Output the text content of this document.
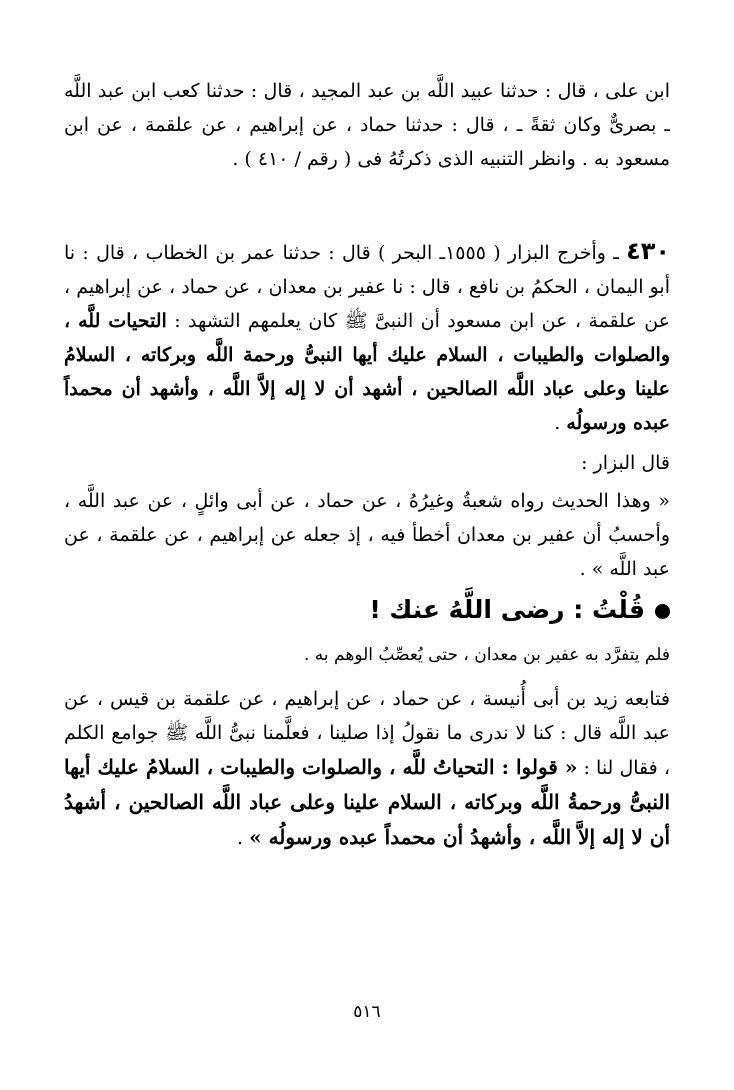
ابن على ، قال : حدثنا عبيد اللَّه بن عبد المجيد ، قال : حدثنا كعب ابن عبد اللَّه ـ بصرىٌّ وكان ثقةً ـ ، قال : حدثنا حماد ، عن إبراهيم ، عن علقمة ، عن ابن مسعود به . وانظر التنبيه الذى ذكرتُهُ فى ( رقم / ٤١٠ ) .

٤٣٠ ـ وأخرج البزار ( ١٥٥٥ـ البحر ) قال : حدثنا عمر بن الخطاب ، قال : نا أبو اليمان ، الحكمُ بن نافع ، قال : نا عفير بن معدان ، عن حماد ، عن إبراهيم ، عن علقمة ، عن ابن مسعود أن النبىَّ ﷺ كان يعلمهم التشهد : التحيات للَّه ، والصلوات والطيبات ، السلام عليك أيها النبىُّ ورحمة اللَّه وبركاته ، السلامُ علينا وعلى عباد اللَّه الصالحين ، أشهد أن لا إله إلاَّ اللَّه ، وأشهد أن محمداً عبده ورسولُه .

قال البزار :

« وهذا الحديث رواه شعبةُ وغيرُهُ ، عن حماد ، عن أبى وائلٍ ، عن عبد اللَّه ، وأحسبُ أن عفير بن معدان أخطأ فيه ، إذ جعله عن إبراهيم ، عن علقمة ، عن عبد اللَّه » .

قُلْتُ : رضى اللَّهُ عنك !

فلم يتفرَّد به عفير بن معدان ، حتى يُعصِّبُ الوهم به .

فتابعه زيد بن أبى أُنيسة ، عن حماد ، عن إبراهيم ، عن علقمة بن قيس ، عن عبد اللَّه قال : كنا لا ندرى ما نقولُ إذا صلينا ، فعلَّمنا نبىُّ اللَّه ﷺ جوامع الكلم ، فقال لنا : « قولوا : التحياتُ للَّه ، والصلوات والطيبات ، السلامُ عليك أيها النبىُّ ورحمةُ اللَّه وبركاته ، السلام علينا وعلى عباد اللَّه الصالحين ، أشهدُ أن لا إله إلاَّ اللَّه ، وأشهدُ أن محمداً عبده ورسولُه » .

٥١٦
